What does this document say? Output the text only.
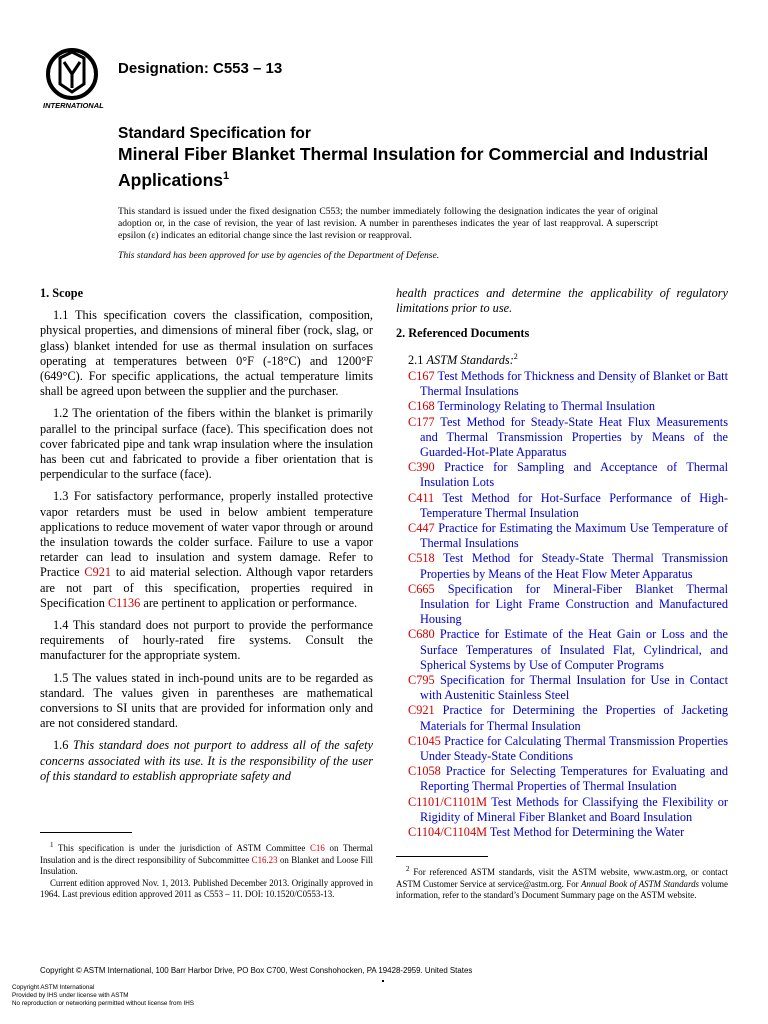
INTERNATIONAL
Designation: C553 – 13
Standard Specification for
Mineral Fiber Blanket Thermal Insulation for Commercial and Industrial Applications$^1$
This standard is issued under the fixed designation C553; the number immediately following the designation indicates the year of original adoption or, in the case of revision, the year of last revision. A number in parentheses indicates the year of last reapproval. A superscript epsilon (ε) indicates an editorial change since the last revision or reapproval.
This standard has been approved for use by agencies of the Department of Defense.
1. Scope

1.1 This specification covers the classification, composition, physical properties, and dimensions of mineral fiber (rock, slag, or glass) blanket intended for use as thermal insulation on surfaces operating at temperatures between 0°F (-18°C) and 1200°F (649°C). For specific applications, the actual temperature limits shall be agreed upon between the supplier and the purchaser.

1.2 The orientation of the fibers within the blanket is primarily parallel to the principal surface (face). This specification does not cover fabricated pipe and tank wrap insulation where the insulation has been cut and fabricated to provide a fiber orientation that is perpendicular to the surface (face).

1.3 For satisfactory performance, properly installed protective vapor retarders must be used in below ambient temperature applications to reduce movement of water vapor through or around the insulation towards the colder surface. Failure to use a vapor retarder can lead to insulation and system damage. Refer to Practice C921 to aid material selection. Although vapor retarders are not part of this specification, properties required in Specification C1136 are pertinent to application or performance.

1.4 This standard does not purport to provide the performance requirements of hourly-rated fire systems. Consult the manufacturer for the appropriate system.

1.5 The values stated in inch-pound units are to be regarded as standard. The values given in parentheses are mathematical conversions to SI units that are provided for information only and are not considered standard.

1.6 This standard does not purport to address all of the safety concerns associated with its use. It is the responsibility of the user of this standard to establish appropriate safety and

health practices and determine the applicability of regulatory limitations prior to use.

2. Referenced Documents
2.1 ASTM Standards:$^2$

C167 Test Methods for Thickness and Density of Blanket or Batt Thermal Insulations

C168 Terminology Relating to Thermal Insulation

C177 Test Method for Steady-State Heat Flux Measurements and Thermal Transmission Properties by Means of the Guarded-Hot-Plate Apparatus

C390 Practice for Sampling and Acceptance of Thermal Insulation Lots

C411 Test Method for Hot-Surface Performance of High-Temperature Thermal Insulation

C447 Practice for Estimating the Maximum Use Temperature of Thermal Insulations

C518 Test Method for Steady-State Thermal Transmission Properties by Means of the Heat Flow Meter Apparatus

C665 Specification for Mineral-Fiber Blanket Thermal Insulation for Light Frame Construction and Manufactured Housing

C680 Practice for Estimate of the Heat Gain or Loss and the Surface Temperatures of Insulated Flat, Cylindrical, and Spherical Systems by Use of Computer Programs

C795 Specification for Thermal Insulation for Use in Contact with Austenitic Stainless Steel

C921 Practice for Determining the Properties of Jacketing Materials for Thermal Insulation

C1045 Practice for Calculating Thermal Transmission Properties Under Steady-State Conditions

C1058 Practice for Selecting Temperatures for Evaluating and Reporting Thermal Properties of Thermal Insulation

C1101/C1101M Test Methods for Classifying the Flexibility or Rigidity of Mineral Fiber Blanket and Board Insulation

C1104/C1104M Test Method for Determining the Water

$^1$ This specification is under the jurisdiction of ASTM Committee C16 on Thermal Insulation and is the direct responsibility of Subcommittee C16.23 on Blanket and Loose Fill Insulation.
Current edition approved Nov. 1, 2013. Published December 2013. Originally approved in 1964. Last previous edition approved 2011 as C553 – 11. DOI: 10.1520/C0553-13.
$^2$ For referenced ASTM standards, visit the ASTM website, www.astm.org, or contact ASTM Customer Service at service@astm.org. For Annual Book of ASTM Standards volume information, refer to the standard’s Document Summary page on the ASTM website.
Copyright © ASTM International, 100 Barr Harbor Drive, PO Box C700, West Conshohocken, PA 19428-2959. United States
Copyright ASTM International
Provided by IHS under license with ASTM
No reproduction or networking permitted without license from IHS
